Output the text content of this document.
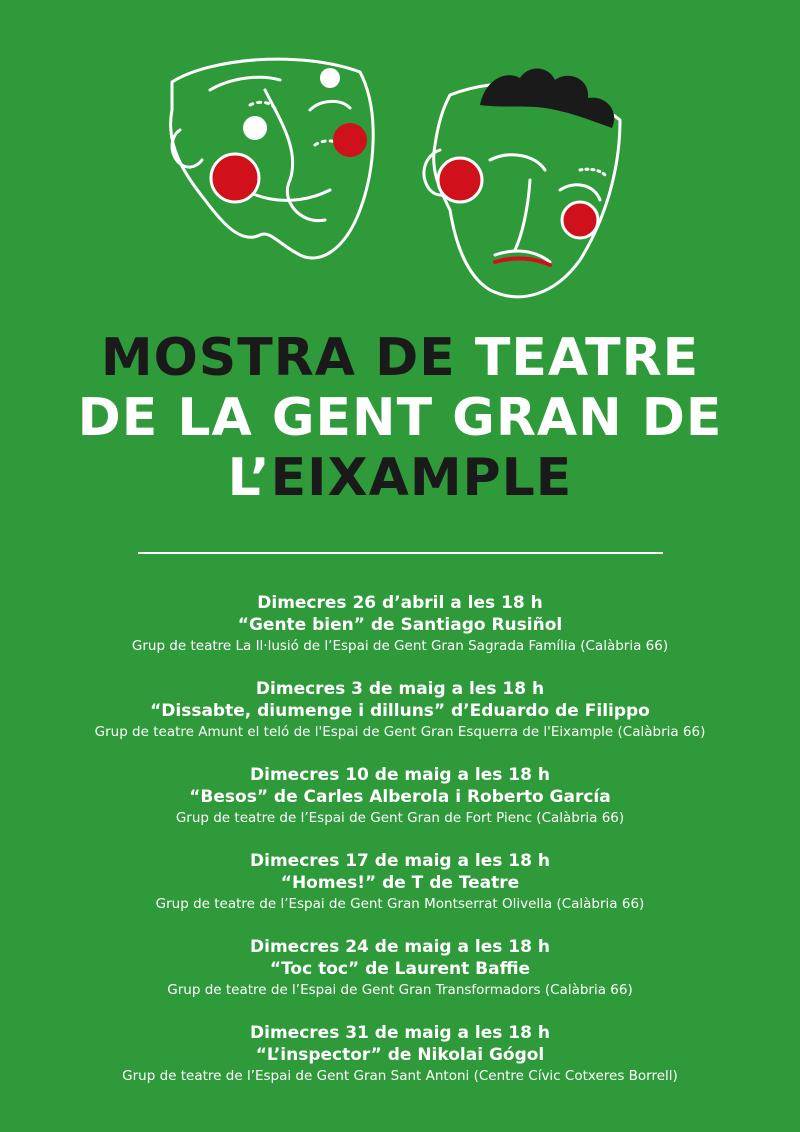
MOSTRA DE TEATRE
DE LA GENT GRAN DE
L’EIXAMPLE
Dimecres 26 d’abril a les 18 h
“Gente bien” de Santiago Rusiñol
Grup de teatre La Il·lusió de l’Espai de Gent Gran Sagrada Família (Calàbria 66)
Dimecres 3 de maig a les 18 h
“Dissabte, diumenge i dilluns” d’Eduardo de Filippo
Grup de teatre Amunt el teló de l'Espai de Gent Gran Esquerra de l'Eixample (Calàbria 66)
Dimecres 10 de maig a les 18 h
“Besos” de Carles Alberola i Roberto García
Grup de teatre de l’Espai de Gent Gran de Fort Pienc (Calàbria 66)
Dimecres 17 de maig a les 18 h
“Homes!” de T de Teatre
Grup de teatre de l’Espai de Gent Gran Montserrat Olivella (Calàbria 66)
Dimecres 24 de maig a les 18 h
“Toc toc” de Laurent Baffie
Grup de teatre de l’Espai de Gent Gran Transformadors (Calàbria 66)
Dimecres 31 de maig a les 18 h
“L’inspector” de Nikolai Gógol
Grup de teatre de l’Espai de Gent Gran Sant Antoni (Centre Cívic Cotxeres Borrell)
